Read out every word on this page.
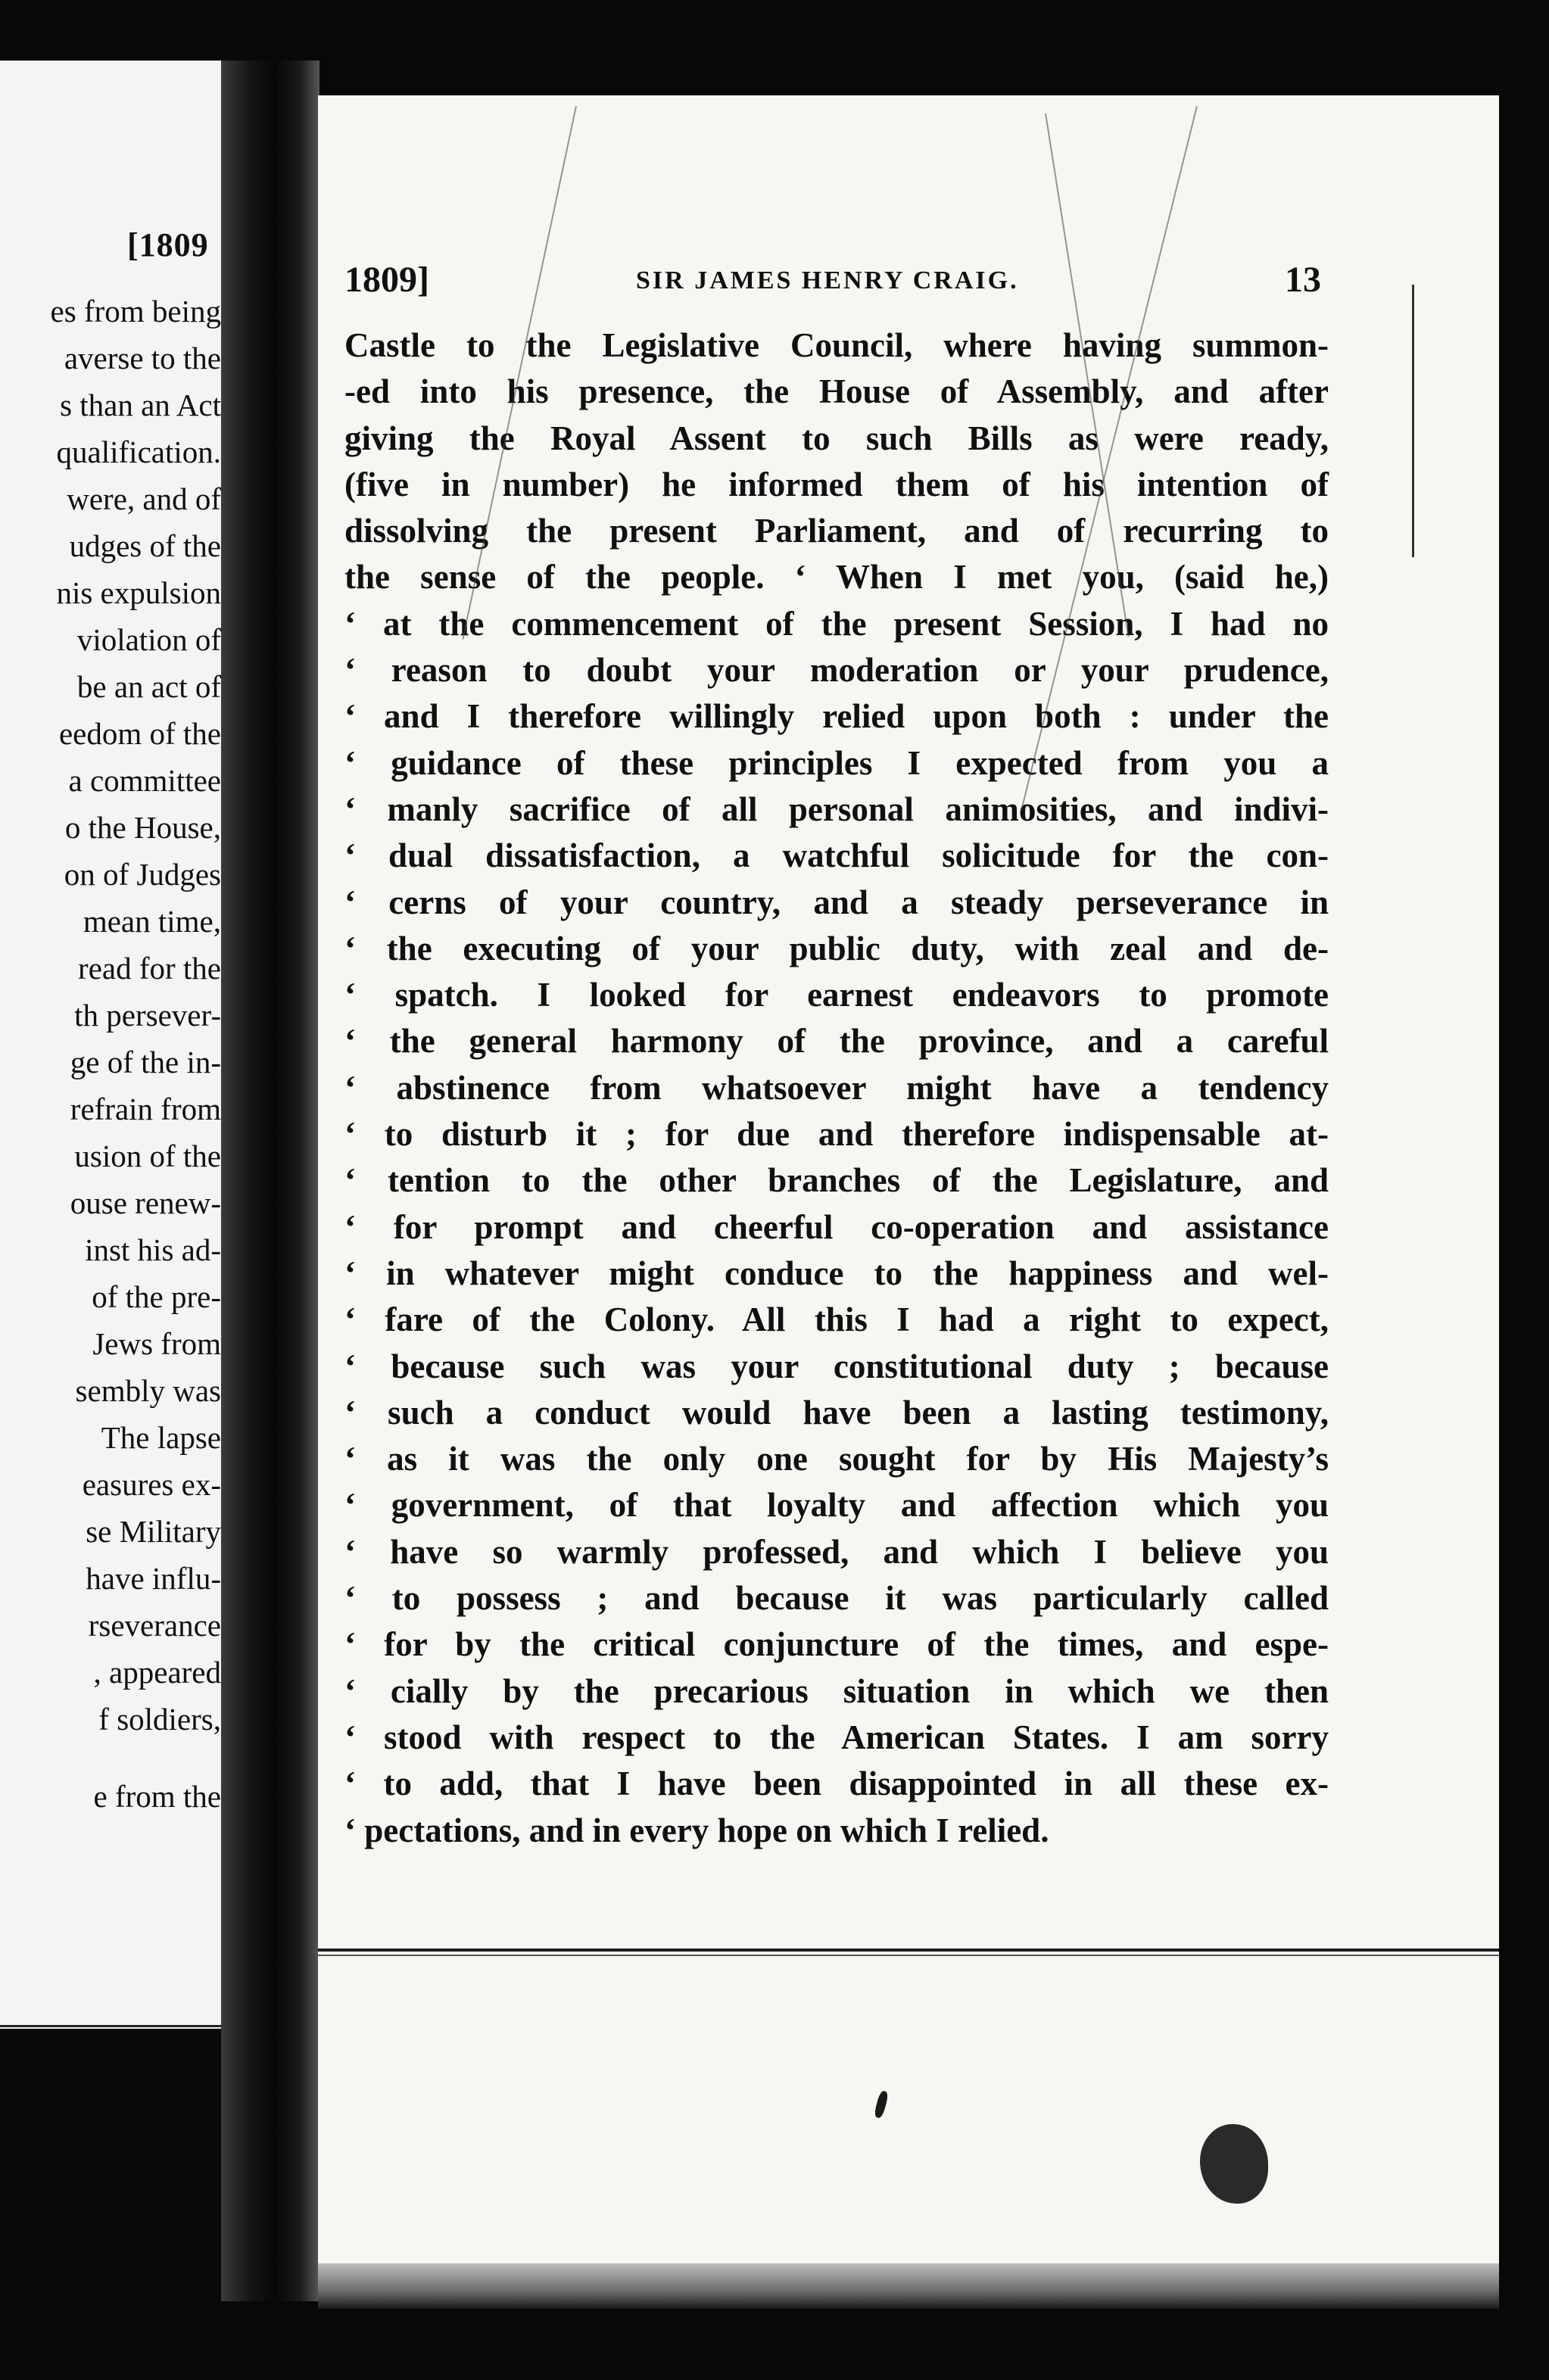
[1809
es from being
averse to the
s than an Act
qualification.
were, and of
udges of the
nis expulsion
violation of
be an act of
eedom of the
a committee
o the House,
on of Judges
mean time,
read for the
th persever-
ge of the in-
refrain from
usion of the
ouse renew-
inst his ad-
of the pre-
Jews from
sembly was
The lapse
easures ex-
se Military
have influ-
rseverance
, appeared
f soldiers,
e from the
1809]	SIR JAMES HENRY CRAIG.	13
Castle to the Legislative Council, where having summon-
-ed into his presence, the House of Assembly, and after
giving the Royal Assent to such Bills as were ready,
(five in number) he informed them of his intention of
dissolving the present Parliament, and of recurring to
the sense of the people. ‘ When I met you, (said he,)
‘ at the commencement of the present Session, I had no
‘ reason to doubt your moderation or your prudence,
‘ and I therefore willingly relied upon both : under the
‘ guidance of these principles I expected from you a
‘ manly sacrifice of all personal animosities, and indivi-
‘ dual dissatisfaction, a watchful solicitude for the con-
‘ cerns of your country, and a steady perseverance in
‘ the executing of your public duty, with zeal and de-
‘ spatch. I looked for earnest endeavors to promote
‘ the general harmony of the province, and a careful
‘ abstinence from whatsoever might have a tendency
‘ to disturb it ; for due and therefore indispensable at-
‘ tention to the other branches of the Legislature, and
‘ for prompt and cheerful co-operation and assistance
‘ in whatever might conduce to the happiness and wel-
‘ fare of the Colony. All this I had a right to expect,
‘ because such was your constitutional duty ; because
‘ such a conduct would have been a lasting testimony,
‘ as it was the only one sought for by His Majesty’s
‘ government, of that loyalty and affection which you
‘ have so warmly professed, and which I believe you
‘ to possess ; and because it was particularly called
‘ for by the critical conjuncture of the times, and espe-
‘ cially by the precarious situation in which we then
‘ stood with respect to the American States. I am sorry
‘ to add, that I have been disappointed in all these ex-
‘ pectations, and in every hope on which I relied.
